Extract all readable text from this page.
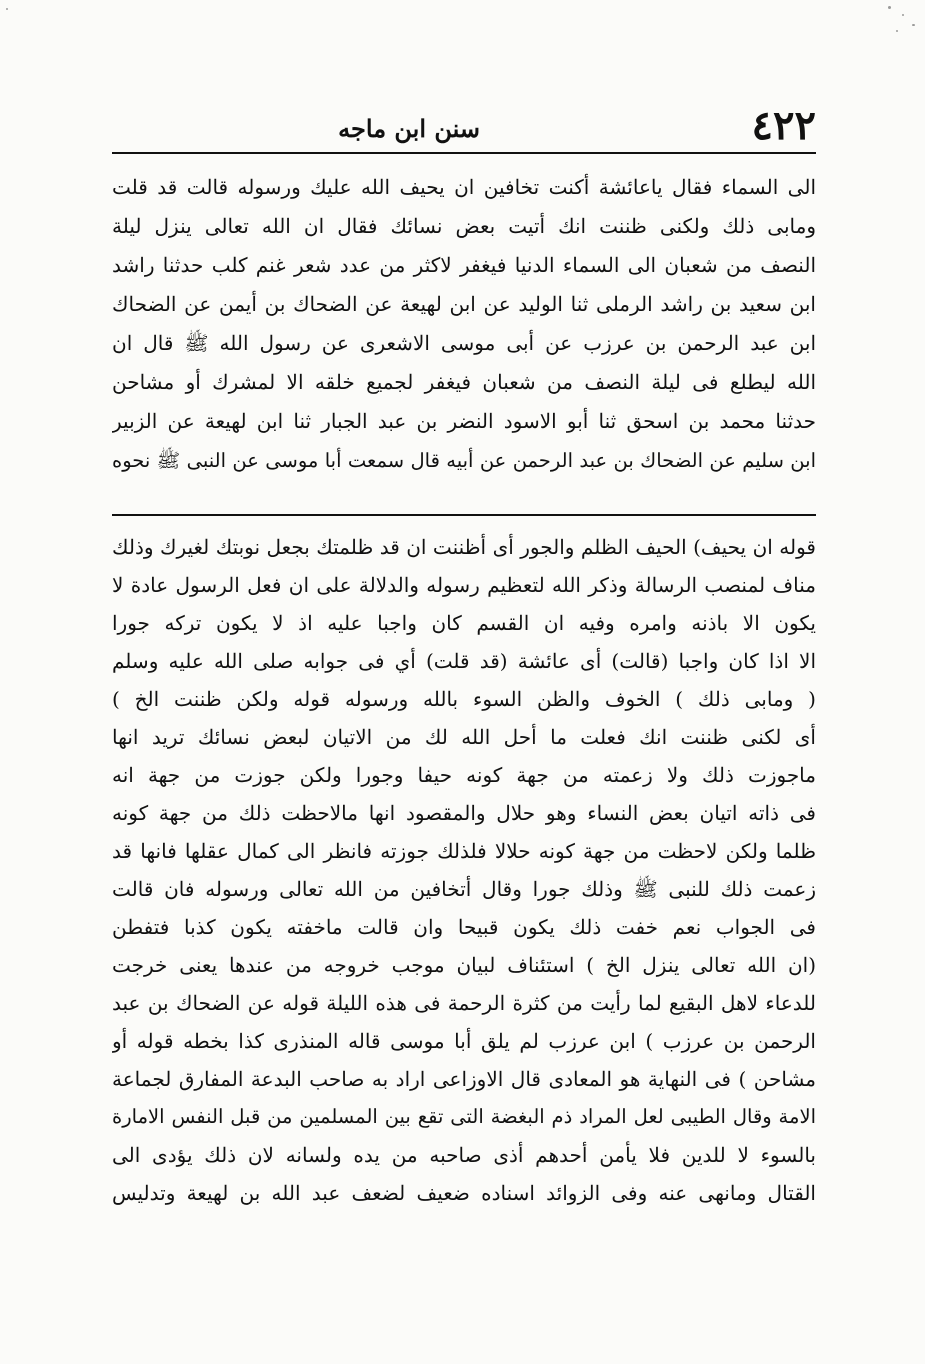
٤٢٢
سنن ابن ماجه
الى السماء فقال ياعائشة أكنت تخافين ان يحيف الله عليك ورسوله قالت قد قلت
ومابى ذلك ولكنى ظننت انك أتيت بعض نسائك فقال ان الله تعالى ينزل ليلة
النصف من شعبان الى السماء الدنيا فيغفر لاكثر من عدد شعر غنم كلب حدثنا راشد
ابن سعيد بن راشد الرملى ثنا الوليد عن ابن لهيعة عن الضحاك بن أيمن عن الضحاك
ابن عبد الرحمن بن عرزب عن أبى موسى الاشعرى عن رسول الله ﷺ قال ان
الله ليطلع فى ليلة النصف من شعبان فيغفر لجميع خلقه الا لمشرك أو مشاحن
حدثنا محمد بن اسحق ثنا أبو الاسود النضر بن عبد الجبار ثنا ابن لهيعة عن الزبير
ابن سليم عن الضحاك بن عبد الرحمن عن أبيه قال سمعت أبا موسى عن النبى ﷺ نحوه
قوله ان يحيف) الحيف الظلم والجور أى أظننت ان قد ظلمتك بجعل نوبتك لغيرك وذلك
مناف لمنصب الرسالة وذكر الله لتعظيم رسوله والدلالة على ان فعل الرسول عادة لا
يكون الا باذنه وامره وفيه ان القسم كان واجبا عليه اذ لا يكون تركه جورا
الا اذا كان واجبا (قالت) أى عائشة (قد قلت) أي فى جوابه صلى الله عليه وسلم
( ومابى ذلك ) الخوف والظن السوء بالله ورسوله قوله ولكن ظننت الخ )
أى لكنى ظننت انك فعلت ما أحل الله لك من الاتيان لبعض نسائك تريد انها
ماجوزت ذلك ولا زعمته من جهة كونه حيفا وجورا ولكن جوزت من جهة انه
فى ذاته اتيان بعض النساء وهو حلال والمقصود انها مالاحظت ذلك من جهة كونه
ظلما ولكن لاحظت من جهة كونه حلالا فلذلك جوزته فانظر الى كمال عقلها فانها قد
زعمت ذلك للنبى ﷺ وذلك جورا وقال أتخافين من الله تعالى ورسوله فان قالت
فى الجواب نعم خفت ذلك يكون قبيحا وان قالت ماخفته يكون كذبا فتفطن
(ان الله تعالى ينزل الخ ) استئناف لبيان موجب خروجه من عندها يعنى خرجت
للدعاء لاهل البقيع لما رأيت من كثرة الرحمة فى هذه الليلة قوله عن الضحاك بن عبد
الرحمن بن عرزب ) ابن عرزب لم يلق أبا موسى قاله المنذرى كذا بخطه قوله أو
مشاحن ) فى النهاية هو المعادى قال الاوزاعى اراد به صاحب البدعة المفارق لجماعة
الامة وقال الطيبى لعل المراد ذم البغضة التى تقع بين المسلمين من قبل النفس الامارة
بالسوء لا للدين فلا يأمن أحدهم أذى صاحبه من يده ولسانه لان ذلك يؤدى الى
القتال ومانهى عنه وفى الزوائد اسناده ضعيف لضعف عبد الله بن لهيعة وتدليس
